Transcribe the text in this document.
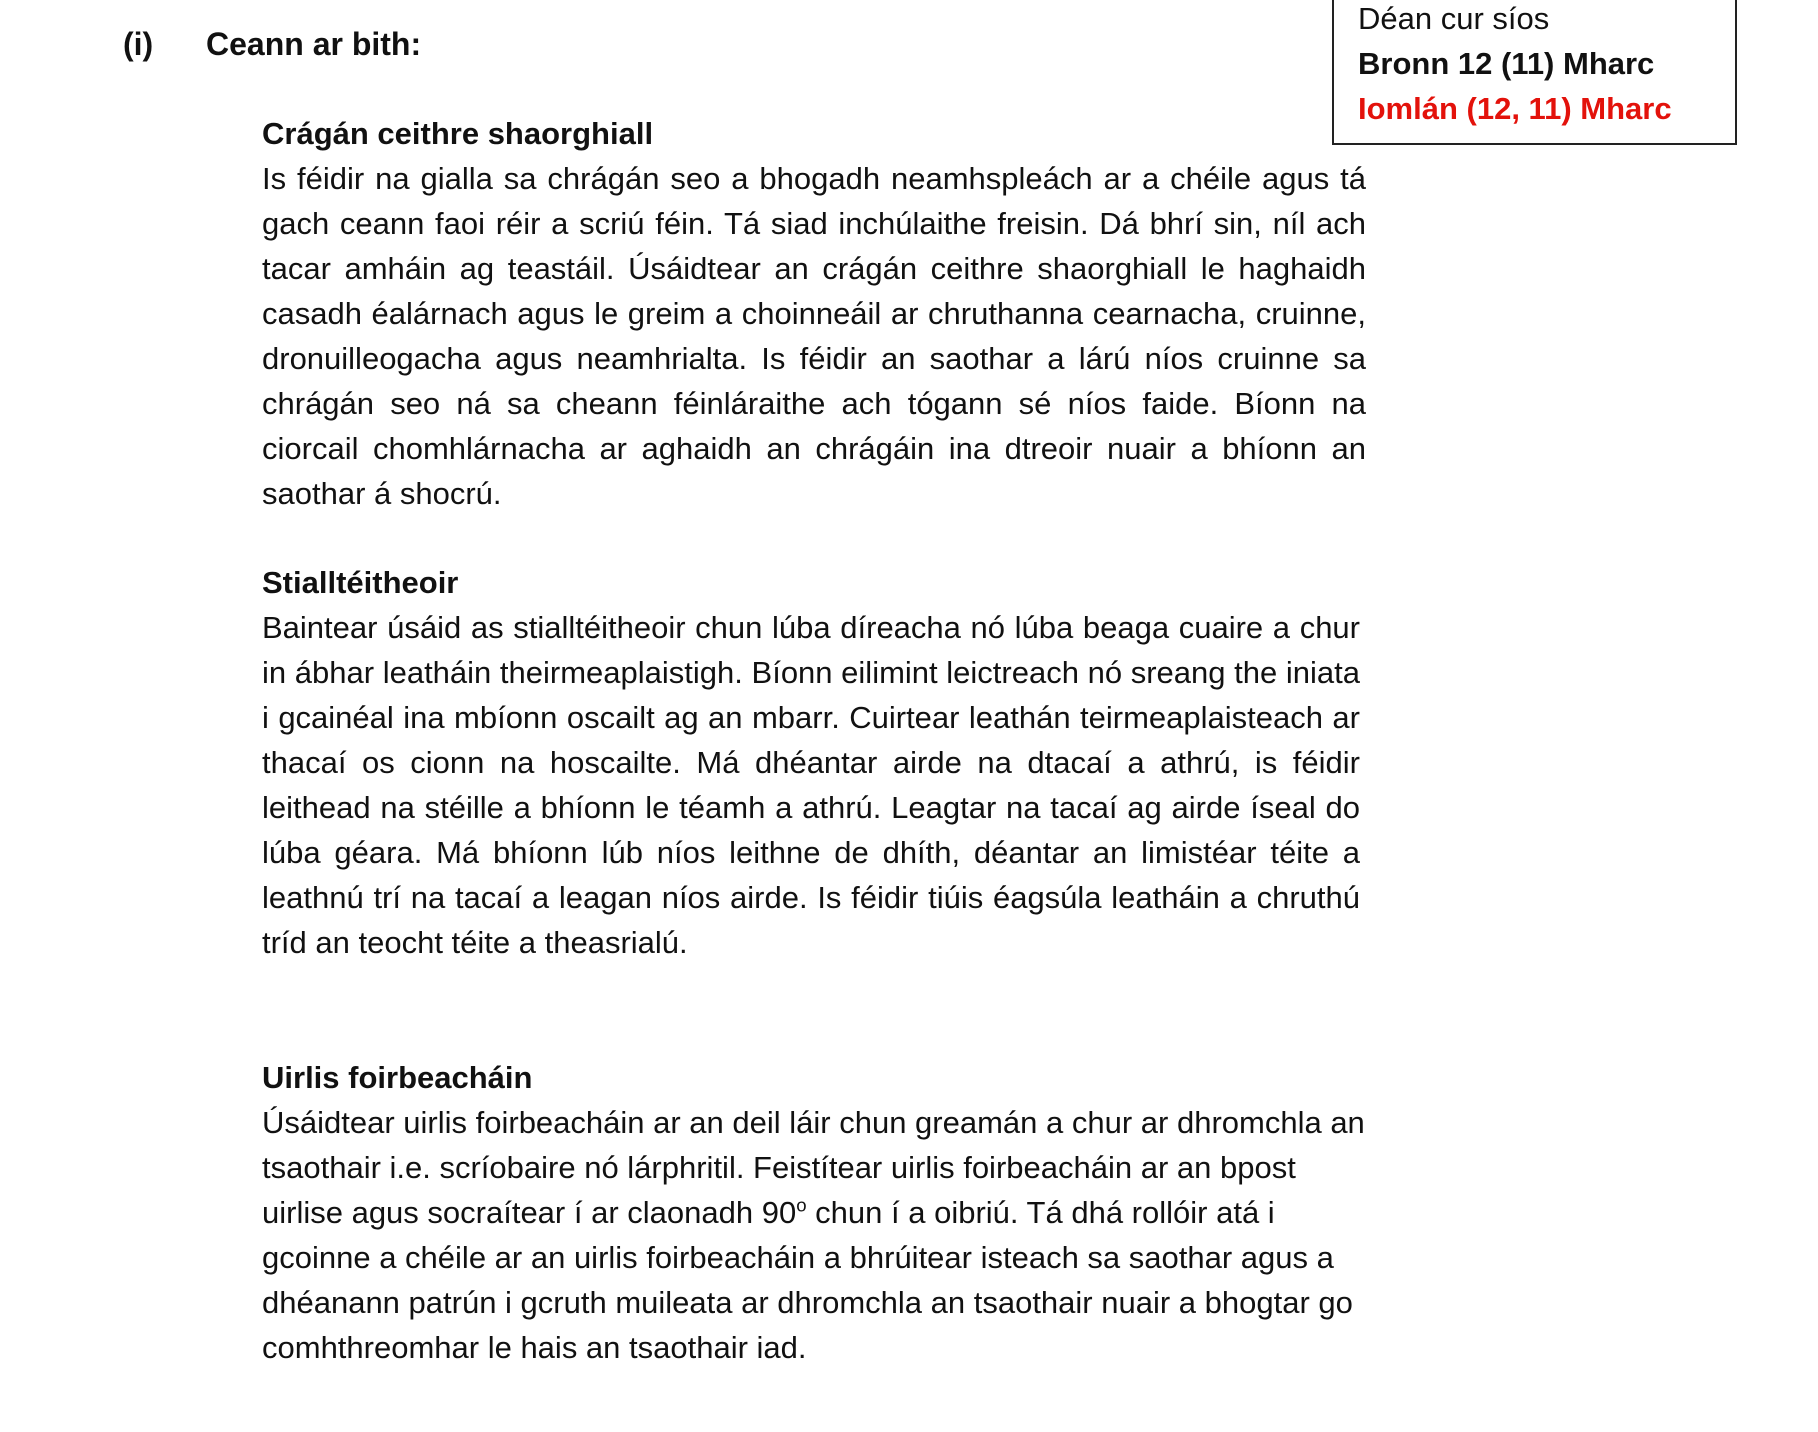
(i) Ceann ar bith:
Déan cur síos
Bronn 12 (11) Mharc
Iomlán (12, 11) Mharc
Crágán ceithre shaorghiall

Is féidir na gialla sa chrágán seo a bhogadh neamhspleách ar a chéile agus tá gach ceann faoi réir a scriú féin. Tá siad inchúlaithe freisin. Dá bhrí sin, níl ach tacar amháin ag teastáil. Úsáidtear an crágán ceithre shaorghiall le haghaidh casadh éalárnach agus le greim a choinneáil ar chruthanna cearnacha, cruinne, dronuilleogacha agus neamhrialta. Is féidir an saothar a lárú níos cruinne sa chrágán seo ná sa cheann féinláraithe ach tógann sé níos faide. Bíonn na ciorcail chomhlárnacha ar aghaidh an chrágáin ina dtreoir nuair a bhíonn an saothar á shocrú.

Stialltéitheoir

Baintear úsáid as stialltéitheoir chun lúba díreacha nó lúba beaga cuaire a chur in ábhar leatháin theirmeaplaistigh. Bíonn eilimint leictreach nó sreang the iniata i gcainéal ina mbíonn oscailt ag an mbarr. Cuirtear leathán teirmeaplaisteach ar thacaí os cionn na hoscailte. Má dhéantar airde na dtacaí a athrú, is féidir leithead na stéille a bhíonn le téamh a athrú. Leagtar na tacaí ag airde íseal do lúba géara. Má bhíonn lúb níos leithne de dhíth, déantar an limistéar téite a leathnú trí na tacaí a leagan níos airde. Is féidir tiúis éagsúla leatháin a chruthú tríd an teocht téite a theasrialú.

Uirlis foirbeacháin

Úsáidtear uirlis foirbeacháin ar an deil láir chun greamán a chur ar dhromchla an tsaothair i.e. scríobaire nó lárphritil. Feistítear uirlis foirbeacháin ar an bpost uirlise agus socraítear í ar claonadh 90$^o$ chun í a oibriú. Tá dhá rollóir atá i gcoinne a chéile ar an uirlis foirbeacháin a bhrúitear isteach sa saothar agus a dhéanann patrún i gcruth muileata ar dhromchla an tsaothair nuair a bhogtar go comhthreomhar le hais an tsaothair iad.
